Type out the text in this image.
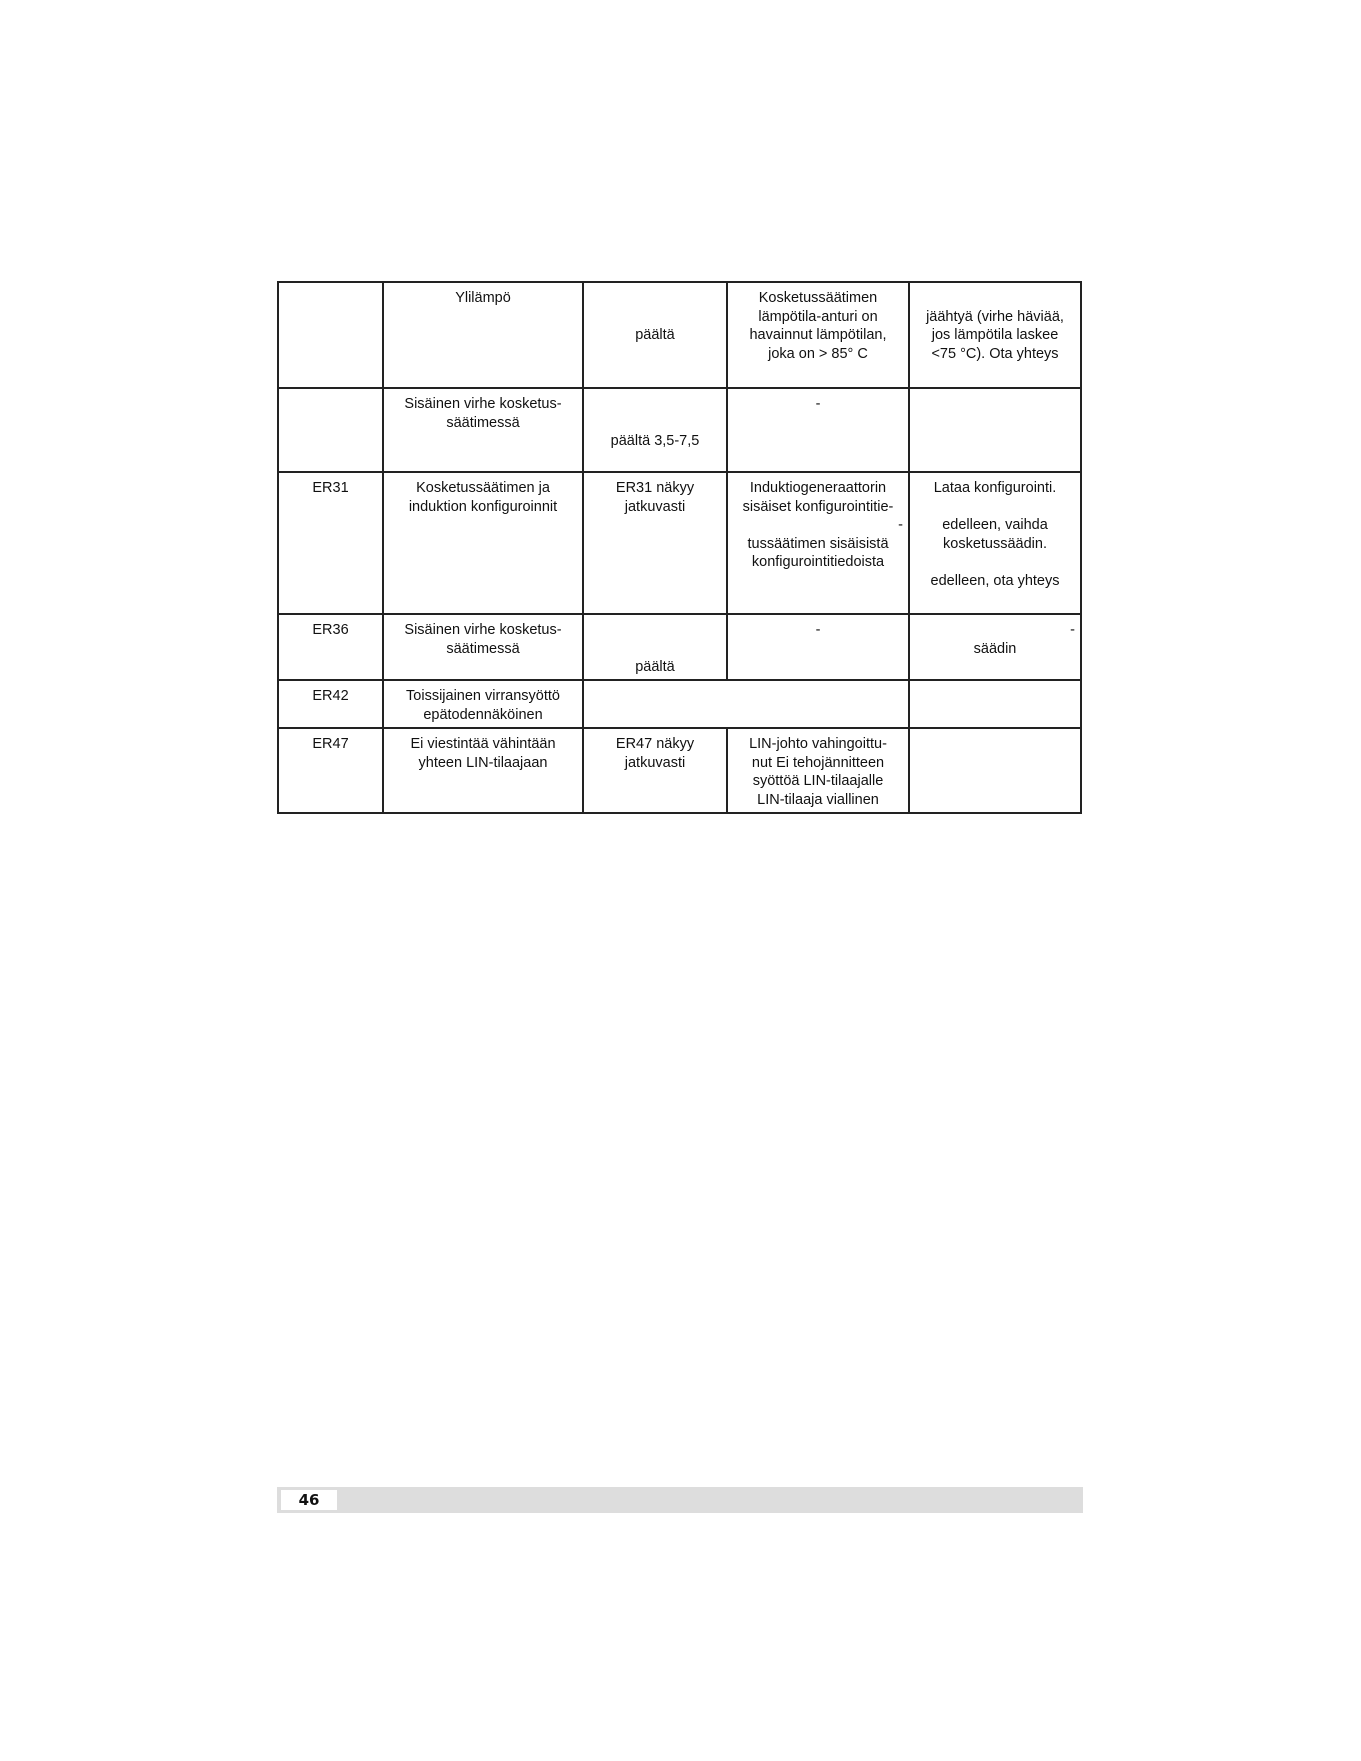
	Ylilämpö	päältä	Kosketussäätimen
lämpötila-anturi on
havainnut lämpötilan,
joka on > 85° C	jäähtyä (virhe häviää,
jos lämpötila laskee
<75 °C). Ota yhteys

	Sisäinen virhe kosketus-
säätimessä	päältä 3,5-7,5	-	

ER31	Kosketussäätimen ja
induktion konfiguroinnit	ER31 näkyy
jatkuvasti	Induktiogeneraattorin
sisäiset konfigurointitie-
-
tussäätimen sisäisistä
konfigurointitiedoista	Lataa konfigurointi.
edelleen, vaihda
kosketussäädin.
edelleen, ota yhteys

ER36	Sisäinen virhe kosketus-
säätimessä	päältä	-	-
säädin

ER42	Toissijainen virransyöttö
epätodennäköinen			

ER47	Ei viestintää vähintään
yhteen LIN-tilaajaan	ER47 näkyy
jatkuvasti	LIN-johto vahingoittu-
nut Ei tehojännitteen
syöttöä LIN-tilaajalle
LIN-tilaaja viallinen	

46
